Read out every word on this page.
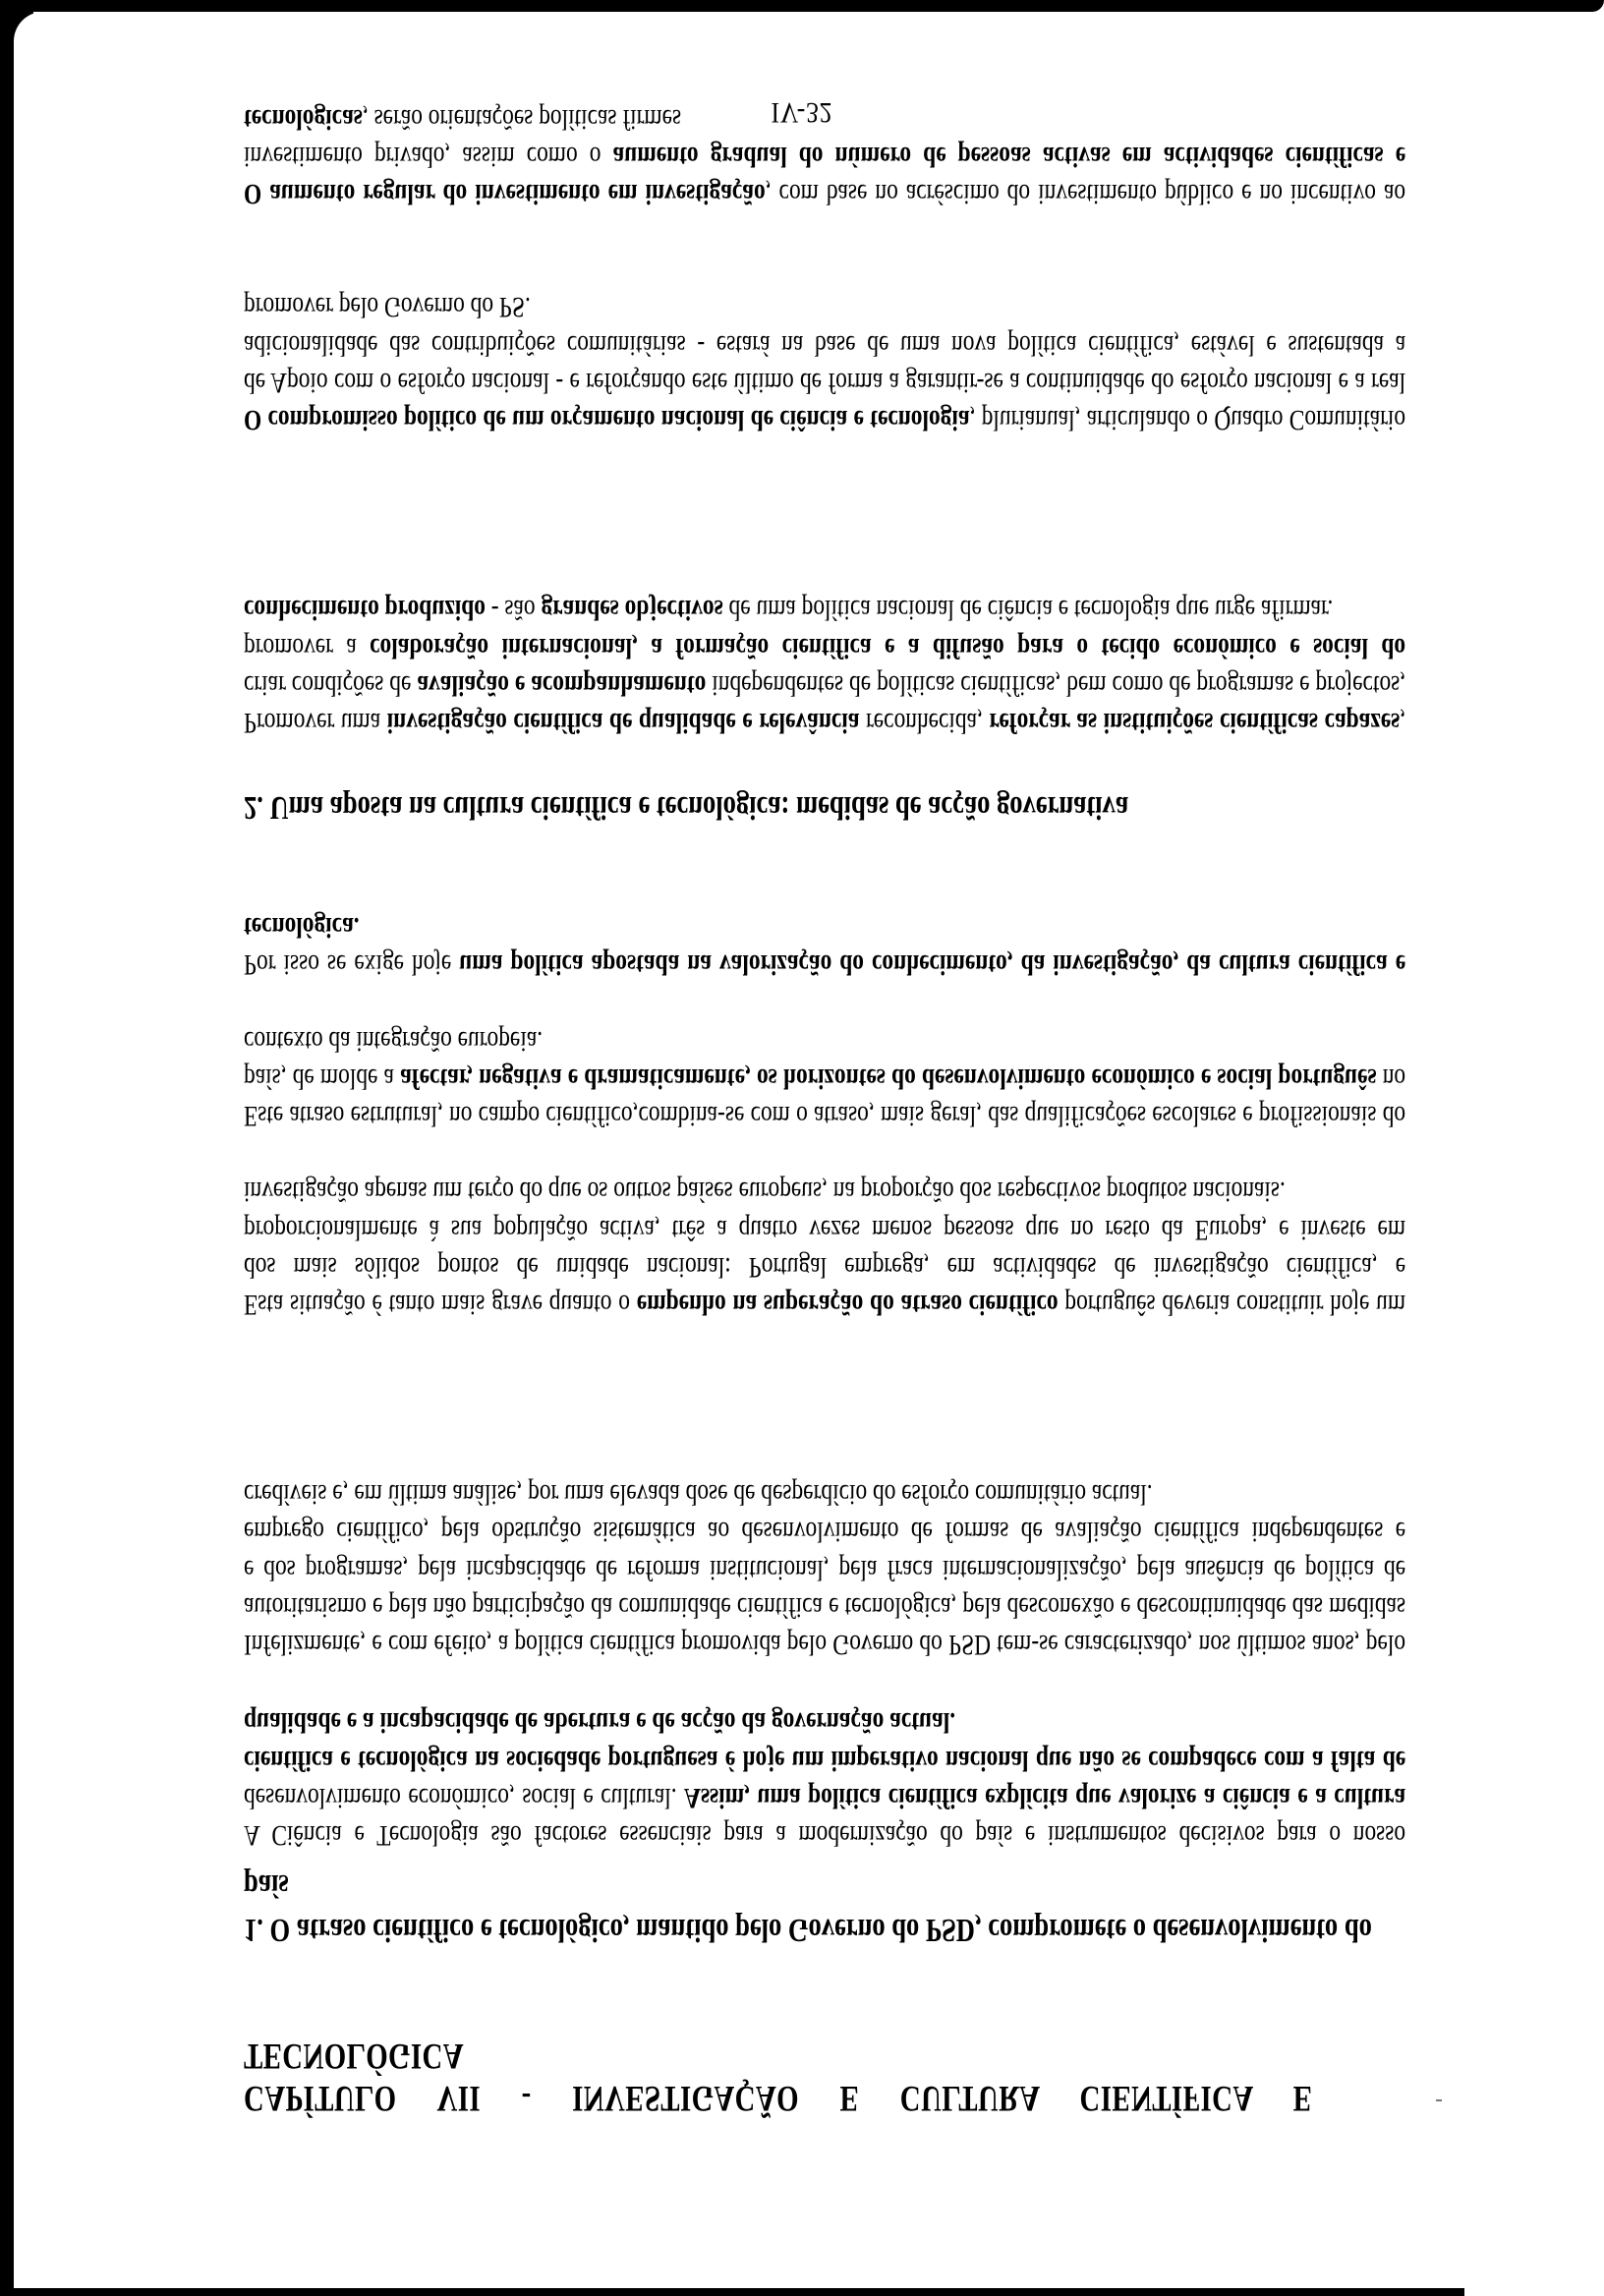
CAPÍTULO VII - INVESTIGAÇÃO E CULTURA CIENTÍFICA E
TECNOLÓGICA
1. O atraso científico e tecnológico, mantido pelo Governo do PSD, compromete o desenvolvimento do país

A Ciência e Tecnologia são factores essenciais para a modernização do país e instrumentos decisivos para o nosso desenvolvimento económico, social e cultural. Assim, uma política científica explícita que valorize a ciência e a cultura científica e tecnológica na sociedade portuguesa é hoje um imperativo nacional que não se compadece com a falta de qualidade e a incapacidade de abertura e de acção da governação actual.

Infelizmente, e com efeito, a política científica promovida pelo Governo do PSD tem-se caracterizado, nos últimos anos, pelo autoritarismo e pela não participação da comunidade científica e tecnológica, pela desconexão e descontinuidade das medidas e dos programas, pela incapacidade de reforma institucional, pela fraca internacionalização, pela ausência de política de emprego científico, pela obstrução sistemática ao desenvolvimento de formas de avaliação científica independentes e credíveis e, em última análise, por uma elevada dose de desperdício do esforço comunitário actual.

Esta situação é tanto mais grave quanto o empenho na superação do atraso científico português deveria constituir hoje um dos mais sólidos pontos de unidade nacional: Portugal emprega, em actividades de investigação científica, e proporcionalmente à sua população activa, três a quatro vezes menos pessoas que no resto da Europa, e investe em investigação apenas um terço do que os outros países europeus, na proporção dos respectivos produtos nacionais.

Este atraso estrutural, no campo científico,combina-se com o atraso, mais geral, das qualificações escolares e profissionais do país, de molde a afectar, negativa e dramaticamente, os horizontes do desenvolvimento económico e social português no contexto da integração europeia.

Por isso se exige hoje uma política apostada na valorização do conhecimento, da investigação, da cultura científica e tecnológica.

2. Uma aposta na cultura científica e tecnológica: medidas de acção governativa

Promover uma investigação científica de qualidade e relevância reconhecida, reforçar as instituições científicas capazes, criar condições de avaliação e acompanhamento independentes de políticas científicas, bem como de programas e projectos, promover a colaboração internacional, a formação científica e a difusão para o tecido económico e social do conhecimento produzido - são grandes objectivos de uma política nacional de ciência e tecnologia que urge afirmar.

O compromisso político de um orçamento nacional de ciência e tecnologia, plurianual, articulando o Quadro Comunitário de Apoio com o esforço nacional - e reforçando este último de forma a garantir-se a continuidade do esforço nacional e a real adicionalidade das contribuições comunitárias - estará na base de uma nova política científica, estável e sustentada a promover pelo Governo do PS.

O aumento regular do investimento em investigação, com base no acréscimo do investimento público e no incentivo ao investimento privado, assim como o aumento gradual do número de pessoas activas em actividades científicas e tecnológicas, serão orientações políticas firmes	IV-32
